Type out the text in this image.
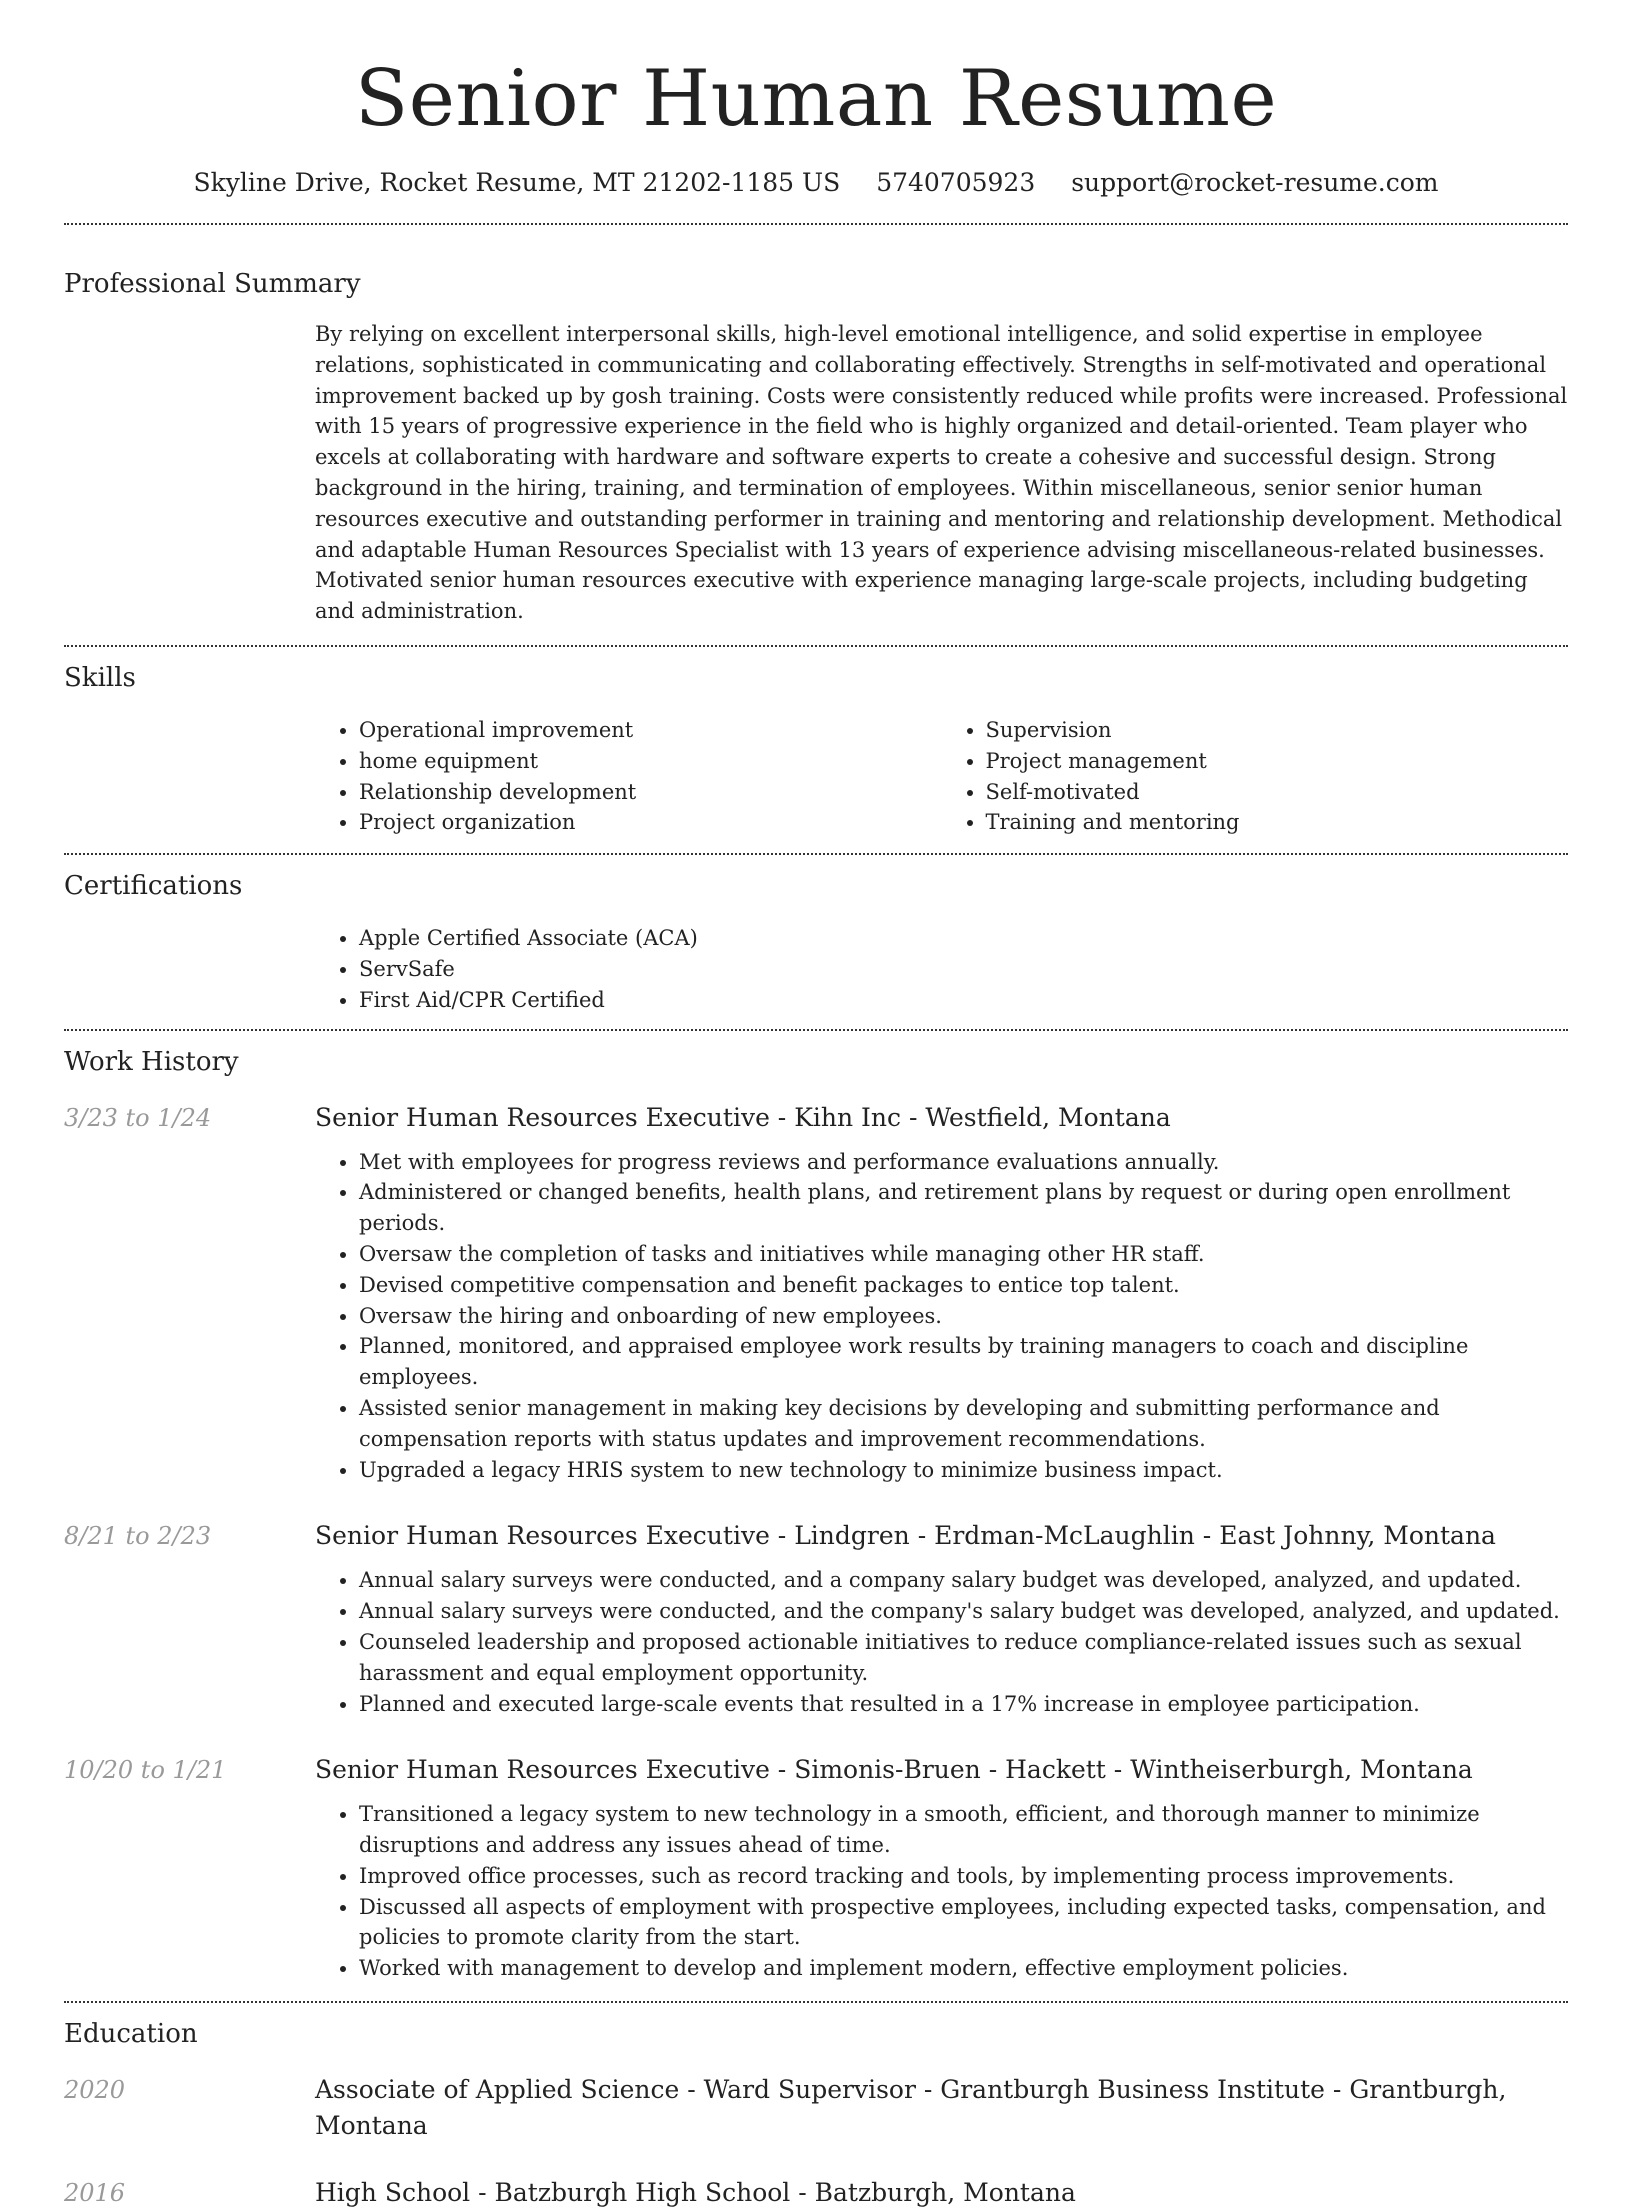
Senior Human Resume
Skyline Drive, Rocket Resume, MT 21202-1185 US 5740705923 support@rocket-resume.com
Professional Summary
By relying on excellent interpersonal skills, high-level emotional intelligence, and solid expertise in employee relations, sophisticated in communicating and collaborating effectively. Strengths in self-motivated and operational improvement backed up by gosh training. Costs were consistently reduced while profits were increased. Professional with 15 years of progressive experience in the field who is highly organized and detail-oriented. Team player who excels at collaborating with hardware and software experts to create a cohesive and successful design. Strong background in the hiring, training, and termination of employees. Within miscellaneous, senior senior human resources executive and outstanding performer in training and mentoring and relationship development. Methodical and adaptable Human Resources Specialist with 13 years of experience advising miscellaneous-related businesses. Motivated senior human resources executive with experience managing large-scale projects, including budgeting and administration.
Skills
• Operational improvement
• home equipment
• Relationship development
• Project organization
• Supervision
• Project management
• Self-motivated
• Training and mentoring
Certifications
• Apple Certified Associate (ACA)
• ServSafe
• First Aid/CPR Certified
Work History
3/23 to 1/24	Senior Human Resources Executive - Kihn Inc - Westfield, Montana
• Met with employees for progress reviews and performance evaluations annually.
• Administered or changed benefits, health plans, and retirement plans by request or during open enrollment periods.
• Oversaw the completion of tasks and initiatives while managing other HR staff.
• Devised competitive compensation and benefit packages to entice top talent.
• Oversaw the hiring and onboarding of new employees.
• Planned, monitored, and appraised employee work results by training managers to coach and discipline employees.
• Assisted senior management in making key decisions by developing and submitting performance and compensation reports with status updates and improvement recommendations.
• Upgraded a legacy HRIS system to new technology to minimize business impact.
8/21 to 2/23	Senior Human Resources Executive - Lindgren - Erdman-McLaughlin - East Johnny, Montana
• Annual salary surveys were conducted, and a company salary budget was developed, analyzed, and updated.
• Annual salary surveys were conducted, and the company's salary budget was developed, analyzed, and updated.
• Counseled leadership and proposed actionable initiatives to reduce compliance-related issues such as sexual harassment and equal employment opportunity.
• Planned and executed large-scale events that resulted in a 17% increase in employee participation.
10/20 to 1/21	Senior Human Resources Executive - Simonis-Bruen - Hackett - Wintheiserburgh, Montana
• Transitioned a legacy system to new technology in a smooth, efficient, and thorough manner to minimize disruptions and address any issues ahead of time.
• Improved office processes, such as record tracking and tools, by implementing process improvements.
• Discussed all aspects of employment with prospective employees, including expected tasks, compensation, and policies to promote clarity from the start.
• Worked with management to develop and implement modern, effective employment policies.
Education
2020	Associate of Applied Science - Ward Supervisor - Grantburgh Business Institute - Grantburgh, Montana
2016	High School - Batzburgh High School - Batzburgh, Montana
